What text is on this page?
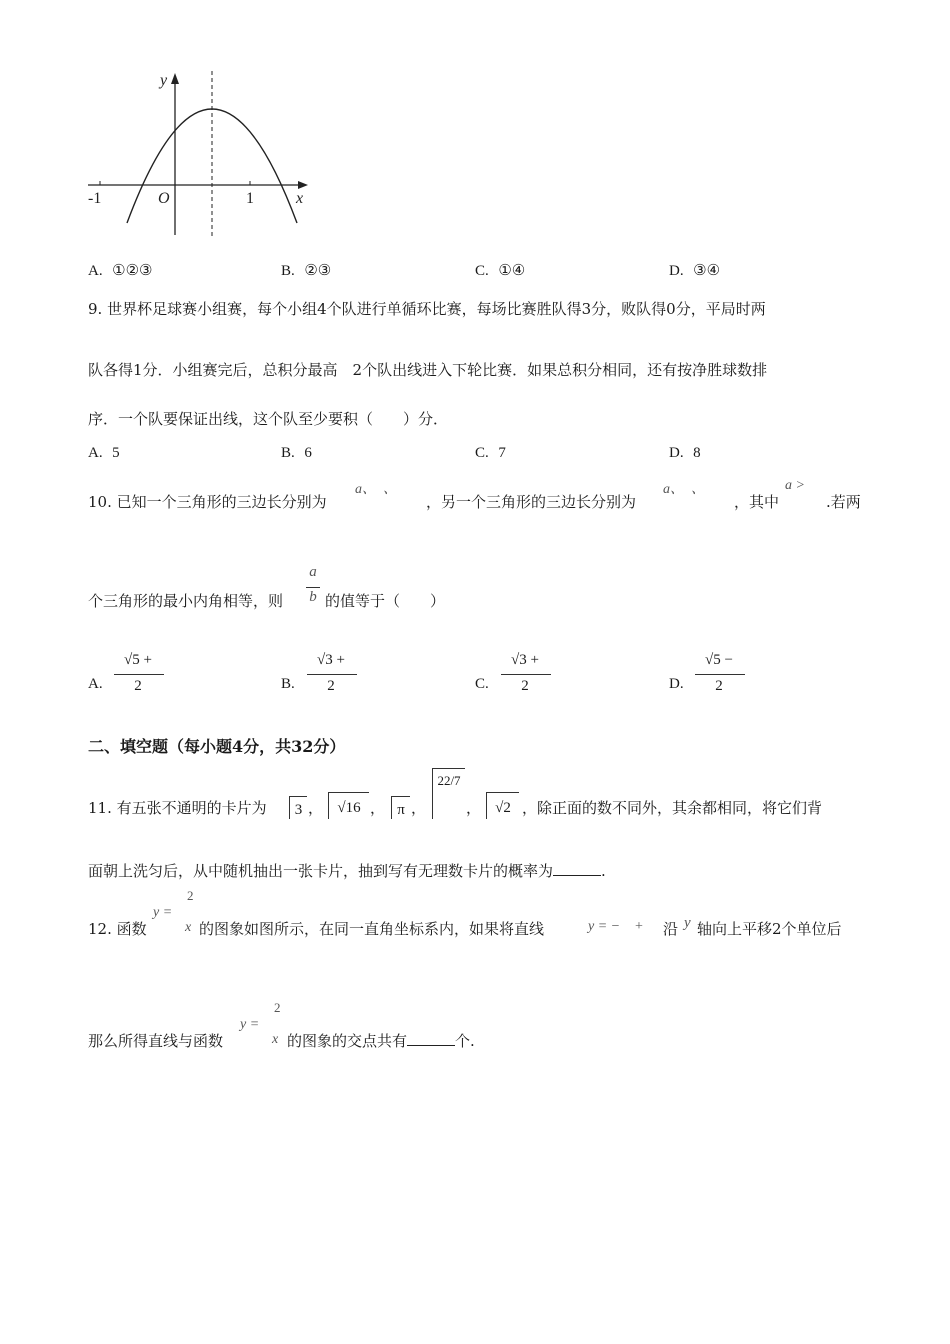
y
x
O
-1	1
A. ①②③	B. ②③	C. ①④	D. ③④
9. 世界杯足球赛小组赛，每个小组4个队进行单循环比赛，每场比赛胜队得3分，败队得0分，平局时两
队各得1分．小组赛完后，总积分最高　2个队出线进入下轮比赛．如果总积分相同，还有按净胜球数排
序．一个队要保证出线，这个队至少要积（　　）分．
A. 5	B. 6	C. 7	D. 8
10. 已知一个三角形的三边长分别为
a、　、
，另一个三角形的三边长分别为
a、　、
，其中
a >
.若两
个三角形的最小内角相等，则
a
b 的值等于（　　）
A.
√5 +
2	B.
√3 +
2	C.
√3 +
2	D.
√5 −
2
二、填空题（每小题4分，共32分）
11. 有五张不通明的卡片为	3 ， √16 ， π ，
22/7
， √2 ，除正面的数不同外，其余都相同，将它们背
面朝上洗匀后，从中随机抽出一张卡片，抽到写有无理数卡片的概率为	.
12. 函数
y =
2
x 的图象如图所示，在同一直角坐标系内，如果将直线	y = −　+ 沿 y 轴向上平移2个单位后
那么所得直线与函数
y =
2
x 的图象的交点共有	个.
